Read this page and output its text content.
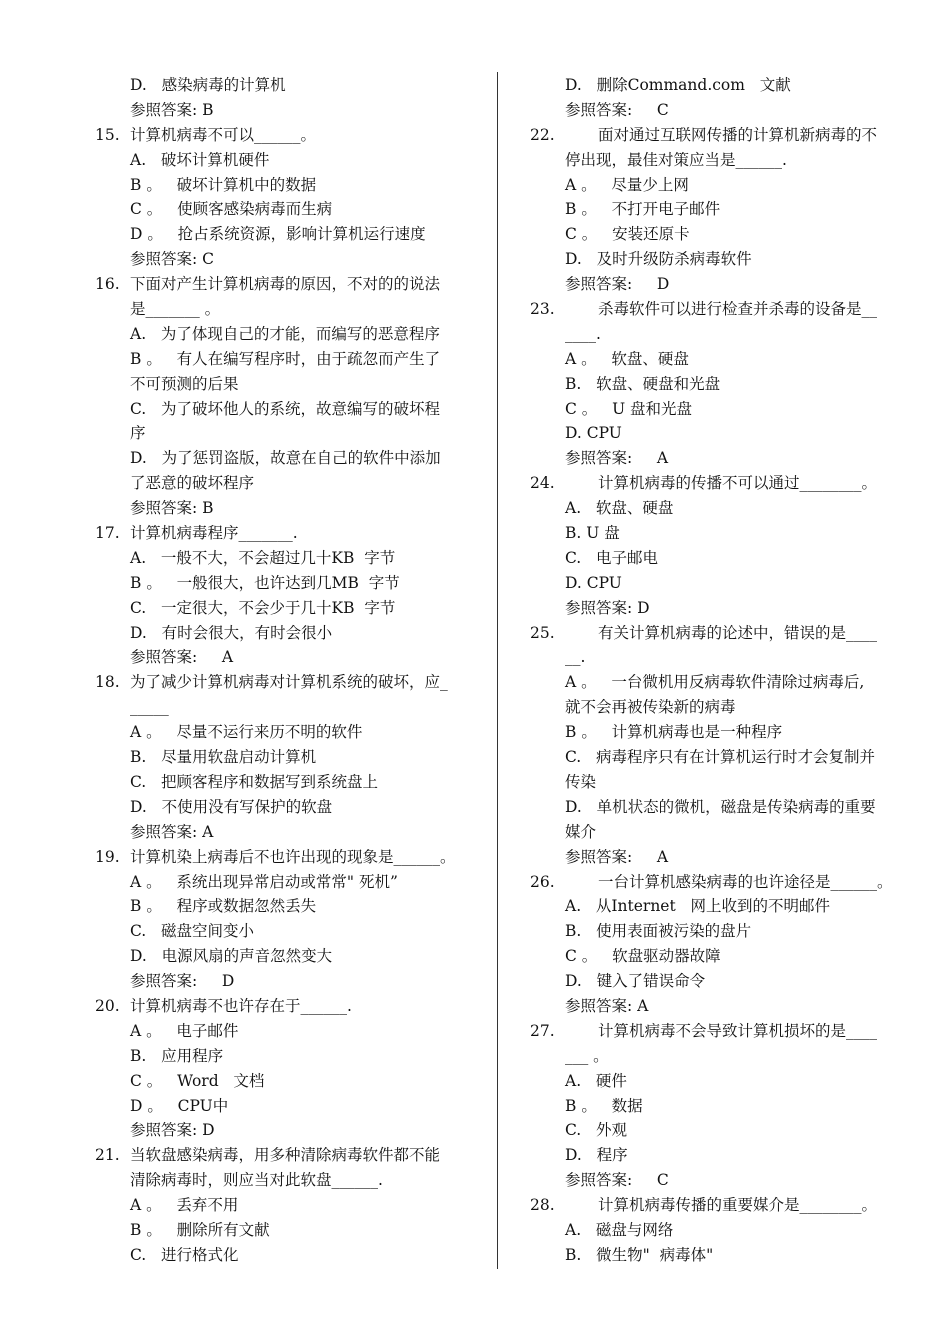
D.   感染病毒的计算机
参照答案: B
15. 计算机病毒不可以______。
A.   破坏计算机硬件
B 。   破坏计算机中的数据
C 。   使顾客感染病毒而生病
D 。   抢占系统资源，影响计算机运行速度
参照答案: C
16. 下面对产生计算机病毒的原因，不对的的说法
是_______ 。
A.   为了体现自己的才能，而编写的恶意程序
B 。   有人在编写程序时，由于疏忽而产生了
不可预测的后果
C.   为了破坏他人的系统，故意编写的破坏程
序
D.   为了惩罚盗版，故意在自己的软件中添加
了恶意的破坏程序
参照答案: B
17. 计算机病毒程序_______.
A.   一般不大，不会超过几十KB  字节
B 。   一般很大，也许达到几MB  字节
C.   一定很大，不会少于几十KB  字节
D.   有时会很大，有时会很小
参照答案:     A
18. 为了减少计算机病毒对计算机系统的破坏，应_
_____
A 。   尽量不运行来历不明的软件
B.   尽量用软盘启动计算机
C.   把顾客程序和数据写到系统盘上
D.   不使用没有写保护的软盘
参照答案: A
19. 计算机染上病毒后不也许出现的现象是______。
A 。   系统出现异常启动或常常" 死机”
B 。   程序或数据忽然丢失
C.   磁盘空间变小
D.   电源风扇的声音忽然变大
参照答案:     D
20. 计算机病毒不也许存在于______.
A 。   电子邮件
B.   应用程序
C 。   Word   文档
D 。   CPU中
参照答案: D
21. 当软盘感染病毒，用多种清除病毒软件都不能
清除病毒时，则应当对此软盘______.
A 。   丢弃不用
B 。   删除所有文献
C.   进行格式化
D.   删除Command.com   文献
参照答案:     C
22.	面对通过互联网传播的计算机新病毒的不
停出现，最佳对策应当是______.
A 。   尽量少上网
B 。   不打开电子邮件
C 。   安装还原卡
D.   及时升级防杀病毒软件
参照答案:     D
23.	杀毒软件可以进行检查并杀毒的设备是__
____.
A 。   软盘、硬盘
B.   软盘、硬盘和光盘
C 。   U 盘和光盘
D. CPU
参照答案:     A
24.	计算机病毒的传播不可以通过________。
A.   软盘、硬盘
B. U 盘
C.   电子邮电
D. CPU
参照答案: D
25.	有关计算机病毒的论述中，错误的是____
__.
A 。   一台微机用反病毒软件清除过病毒后,
就不会再被传染新的病毒
B 。   计算机病毒也是一种程序
C.   病毒程序只有在计算机运行时才会复制并
传染
D.   单机状态的微机，磁盘是传染病毒的重要
媒介
参照答案:     A
26.	一台计算机感染病毒的也许途径是______。
A.   从Internet   网上收到的不明邮件
B.   使用表面被污染的盘片
C 。   软盘驱动器故障
D.   键入了错误命令
参照答案: A
27.	计算机病毒不会导致计算机损坏的是____
___ 。
A.   硬件
B 。   数据
C.   外观
D.   程序
参照答案:     C
28.	计算机病毒传播的重要媒介是________。
A.   磁盘与网络
B.   微生物"  病毒体"
